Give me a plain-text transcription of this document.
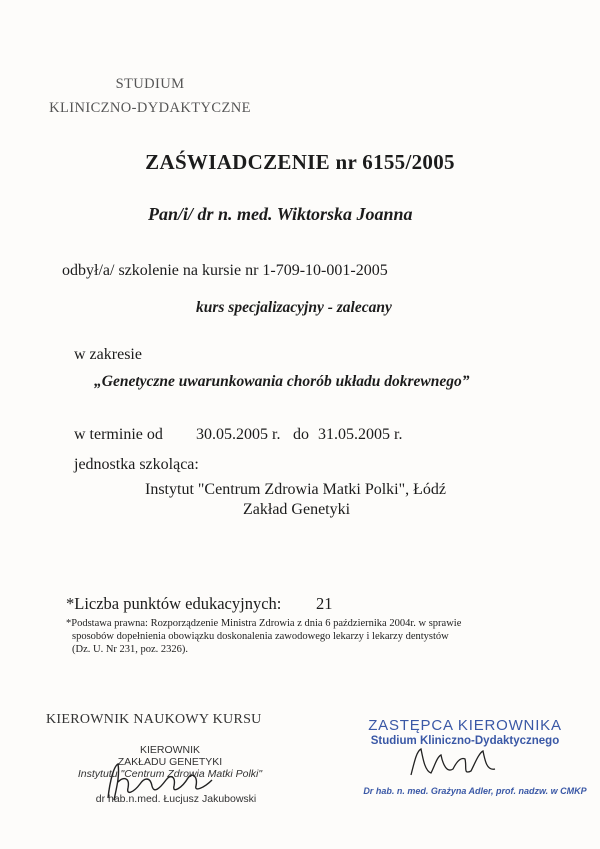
STUDIUM
KLINICZNO-DYDAKTYCZNE
ZAŚWIADCZENIE nr 6155/2005
Pan/i/ dr n. med. Wiktorska Joanna
odbył/a/ szkolenie na kursie nr 1-709-10-001-2005
kurs specjalizacyjny - zalecany
w zakresie
„Genetyczne uwarunkowania chorób układu dokrewnego”
w terminie od 30.05.2005 r. do 31.05.2005 r.
jednostka szkoląca:
Instytut "Centrum Zdrowia Matki Polki", Łódź
Zakład Genetyki
*Liczba punktów edukacyjnych: 21
*Podstawa prawna: Rozporządzenie Ministra Zdrowia z dnia 6 października 2004r. w sprawie
sposobów dopełnienia obowiązku doskonalenia zawodowego lekarzy i lekarzy dentystów
(Dz. U. Nr 231, poz. 2326).
KIEROWNIK NAUKOWY KURSU
KIEROWNIK
ZAKŁADU GENETYKI
Instytutu "Centrum Zdrowia Matki Polki"
dr hab.n.med. Łucjusz Jakubowski
ZASTĘPCA KIEROWNIKA
Studium Kliniczno-Dydaktycznego
Dr hab. n. med. Grażyna Adler, prof. nadzw. w CMKP
